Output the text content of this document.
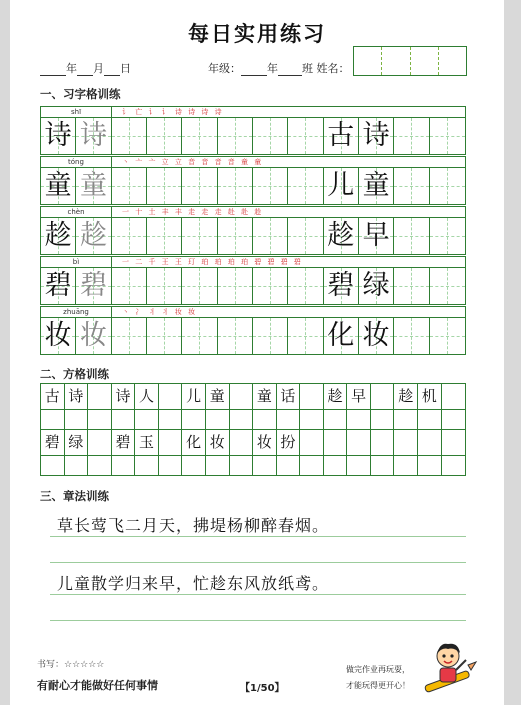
每日实用练习
年 月 日	年级： 年 班 姓名：
一、习字格训练
shī	讠 亡 讠 讠 诗 诗 诗 诗
诗 诗	古 诗
tóng	丶 亠 亠 立 立 音 音 音 音 童 童
童 童	儿 童
chèn	一 十 土 丰 丰 走 走 走 赴 赴 趁
趁 趁	趁 早
bì	一 二 千 王 王 玎 珀 珀 珀 珀 碧 碧 碧 碧
碧 碧	碧 绿
zhuāng	丶 冫 丬 丬 妆 妆
妆 妆	化 妆
二、方格训练
古 诗	诗 人	儿 童	童 话	趁 早	趁 机
碧 绿	碧 玉	化 妆	妆 扮
三、章法训练
草长莺飞二月天，拂堤杨柳醉春烟。
儿童散学归来早，忙趁东风放纸鸢。
书写：☆☆☆☆☆
有耐心才能做好任何事情	【1/50】
做完作业再玩耍，
才能玩得更开心！
